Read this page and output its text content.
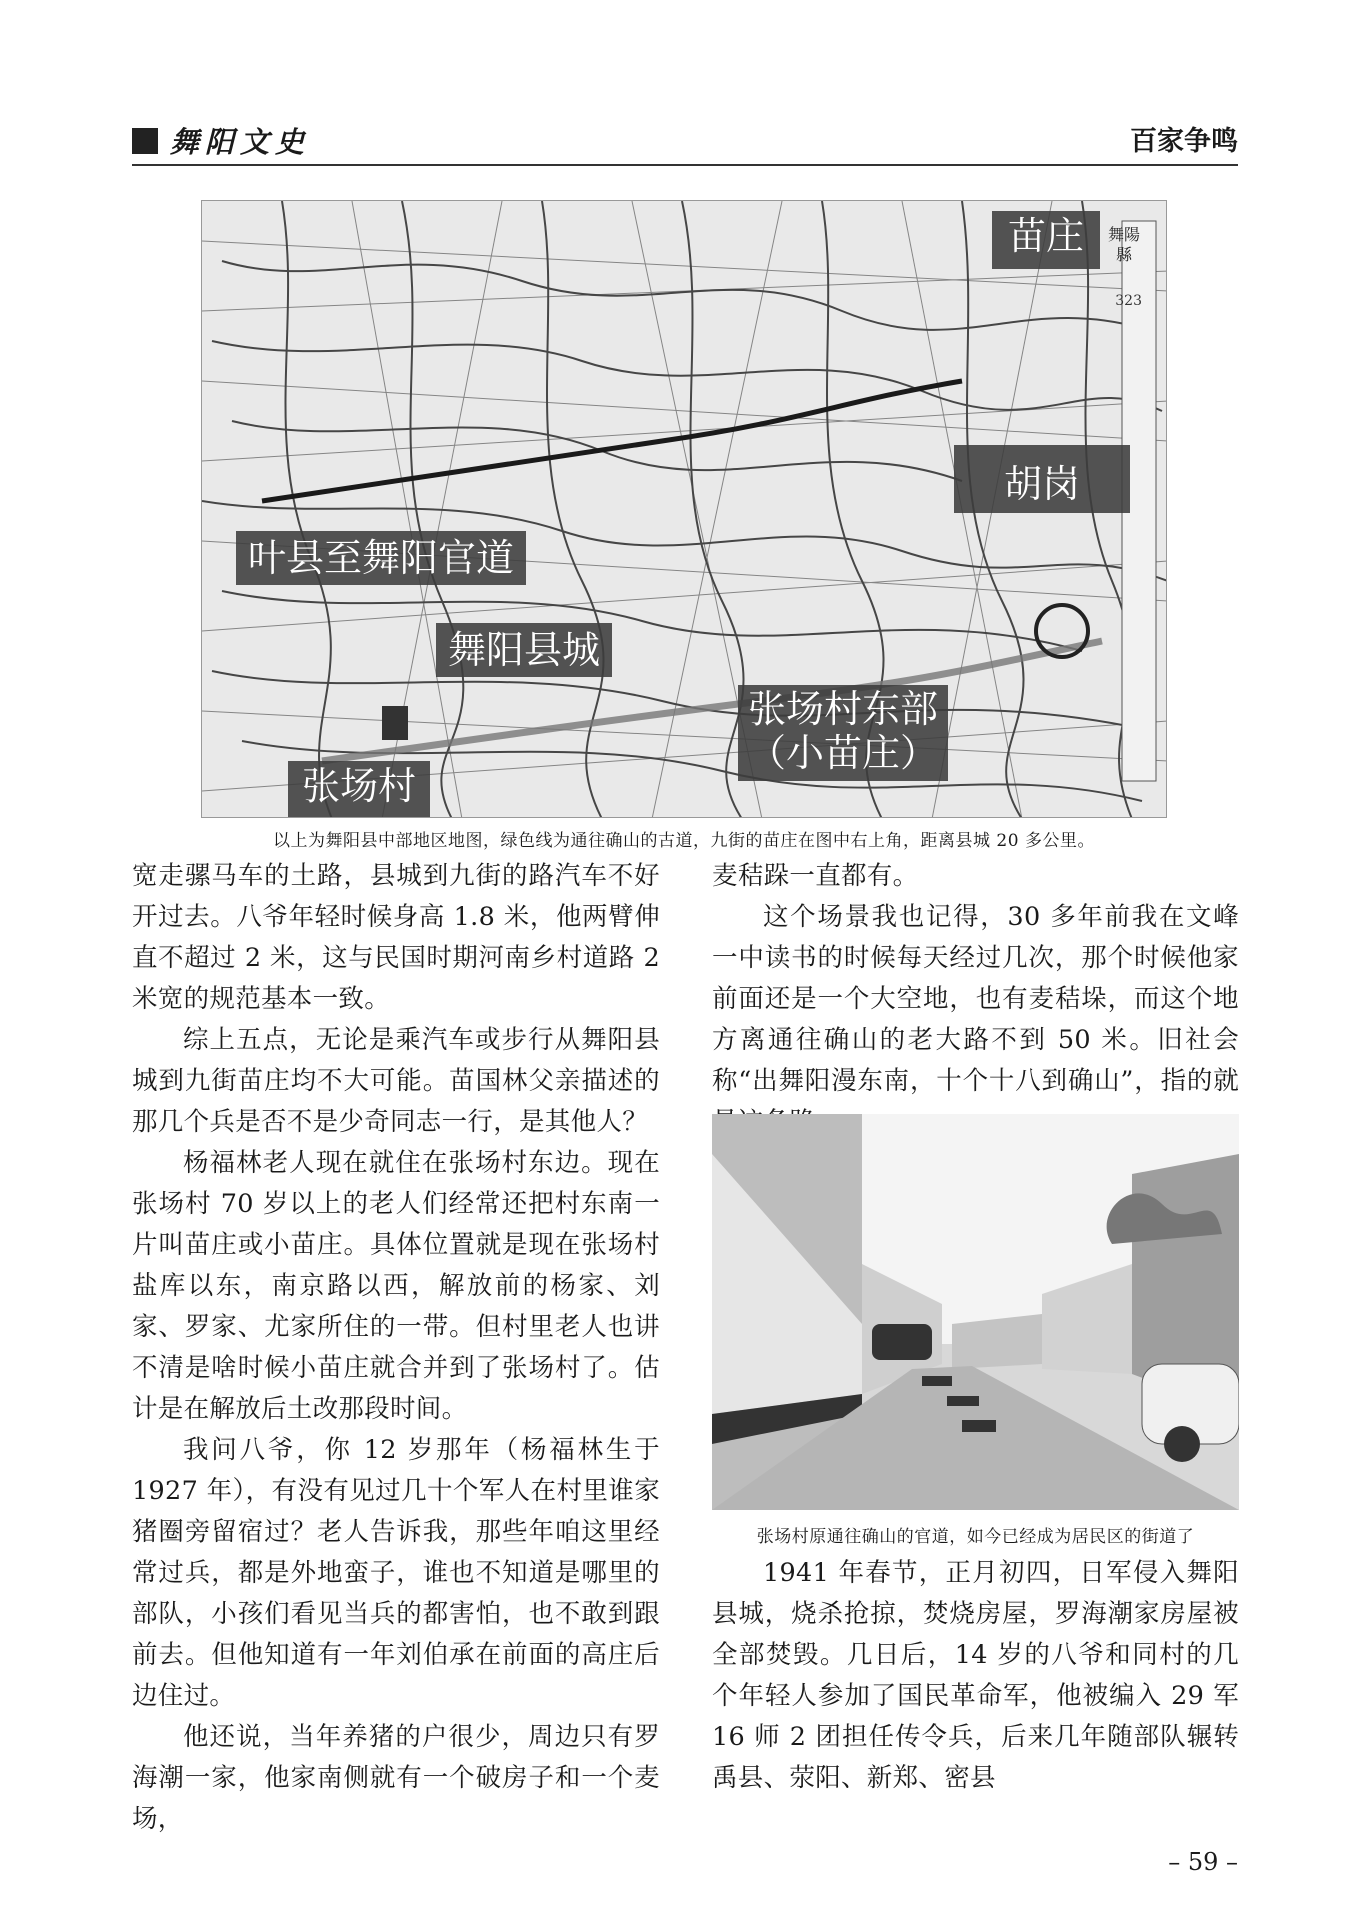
舞阳文史	百家争鸣
舞陽縣
323
苗庄
胡岗
叶县至舞阳官道
舞阳县城
张场村东部
（小苗庄）
张场村
以上为舞阳县中部地区地图，绿色线为通往确山的古道，九街的苗庄在图中右上角，距离县城 20 多公里。

宽走骡马车的土路，县城到九街的路汽车不好开过去。八爷年轻时候身高 1.8 米，他两臂伸直不超过 2 米，这与民国时期河南乡村道路 2 米宽的规范基本一致。

综上五点，无论是乘汽车或步行从舞阳县城到九街苗庄均不大可能。苗国林父亲描述的那几个兵是否不是少奇同志一行，是其他人？

杨福林老人现在就住在张场村东边。现在张场村 70 岁以上的老人们经常还把村东南一片叫苗庄或小苗庄。具体位置就是现在张场村盐库以东，南京路以西，解放前的杨家、刘家、罗家、尤家所住的一带。但村里老人也讲不清是啥时候小苗庄就合并到了张场村了。估计是在解放后土改那段时间。

我问八爷，你 12 岁那年（杨福林生于 1927 年），有没有见过几十个军人在村里谁家猪圈旁留宿过？老人告诉我，那些年咱这里经常过兵，都是外地蛮子，谁也不知道是哪里的部队，小孩们看见当兵的都害怕，也不敢到跟前去。但他知道有一年刘伯承在前面的高庄后边住过。

他还说，当年养猪的户很少，周边只有罗海潮一家，他家南侧就有一个破房子和一个麦场，

麦秸跺一直都有。

这个场景我也记得，30 多年前我在文峰一中读书的时候每天经过几次，那个时候他家前面还是一个大空地，也有麦秸垛，而这个地方离通往确山的老大路不到 50 米。旧社会称“出舞阳漫东南，十个十八到确山”，指的就

张场村原通往确山的官道，如今已经成为居民区的街道了

1941 年春节，正月初四，日军侵入舞阳县城，烧杀抢掠，焚烧房屋，罗海潮家房屋被全部焚毁。几日后，14 岁的八爷和同村的几个年轻人参加了国民革命军，他被编入 29 军 16 师 2 团担任传令兵，后来几年随部队辗转禹县、荥阳、新郑、密县

– 59 –
